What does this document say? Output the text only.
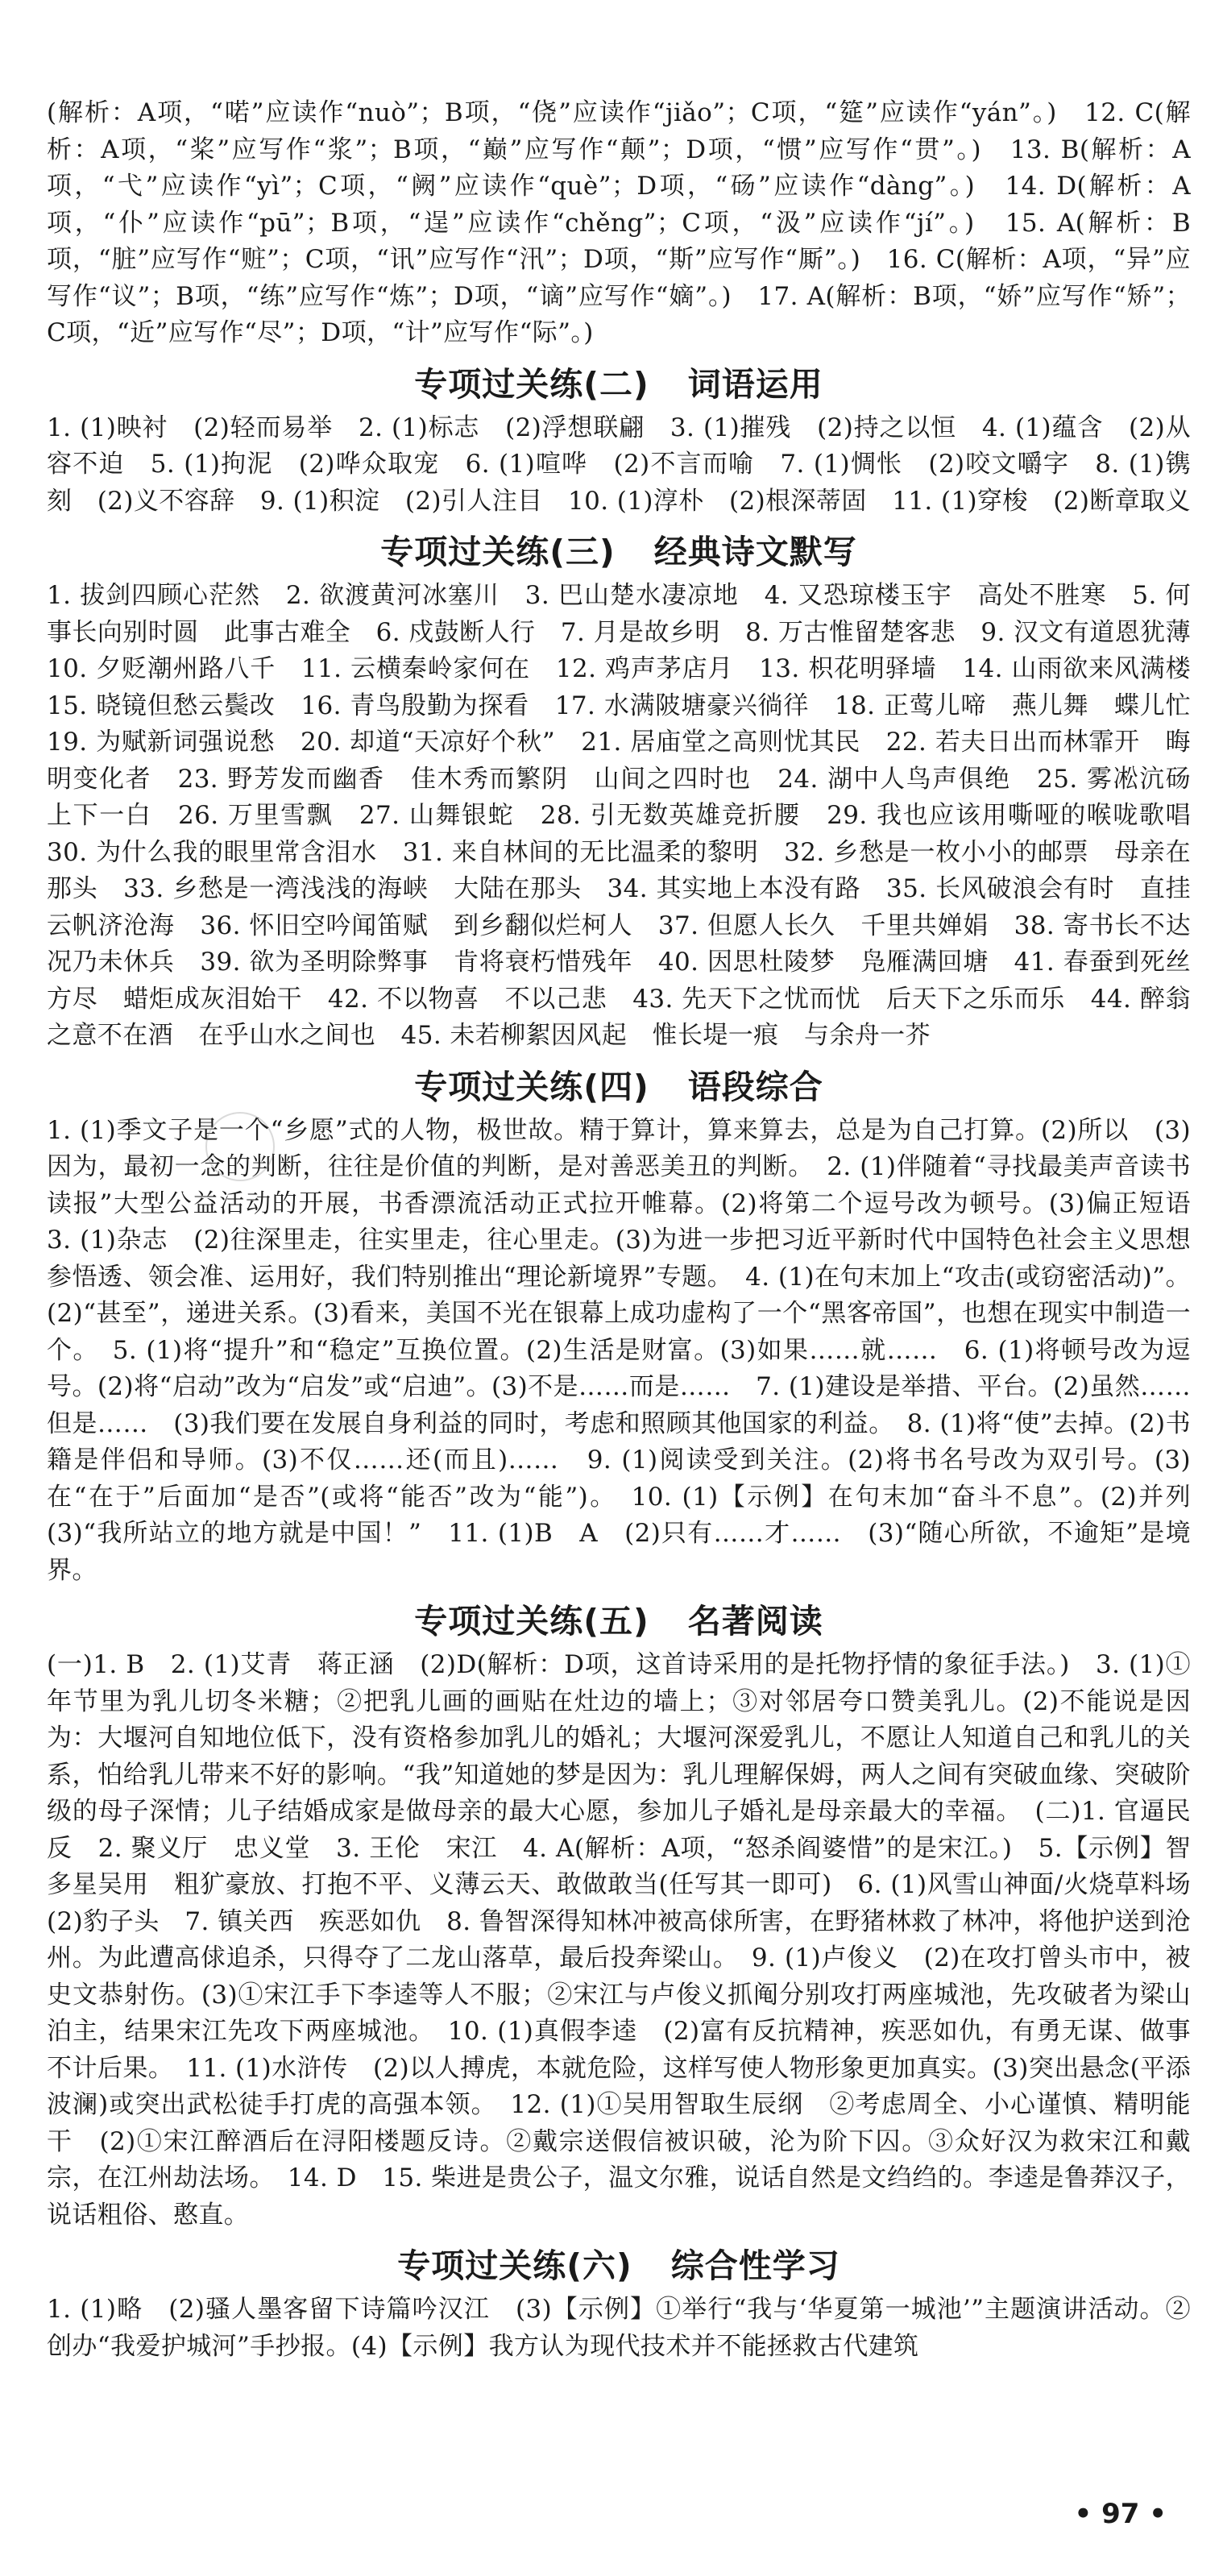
(解析：A项，“喏”应读作“nuò”；B项，“侥”应读作“jiǎo”；C项，“筵”应读作“yán”。)　12. C(解析：A项，“桨”应写作“浆”；B项，“巅”应写作“颠”；D项，“惯”应写作“贯”。)　13. B(解析：A项，“弋”应读作“yì”；C项，“阙”应读作“què”；D项，“砀”应读作“dàng”。)　14. D(解析：A项，“仆”应读作“pū”；B项，“逞”应读作“chěng”；C项，“汲”应读作“jí”。)　15. A(解析：B项，“脏”应写作“赃”；C项，“讯”应写作“汛”；D项，“斯”应写作“厮”。)　16. C(解析：A项，“异”应写作“议”；B项，“练”应写作“炼”；D项，“谪”应写作“嫡”。)　17. A(解析：B项，“娇”应写作“矫”；C项，“近”应写作“尽”；D项，“计”应写作“际”。)

专项过关练(二) 词语运用

1. (1)映衬　(2)轻而易举　2. (1)标志　(2)浮想联翩　3. (1)摧残　(2)持之以恒　4. (1)蕴含　(2)从容不迫　5. (1)拘泥　(2)哗众取宠　6. (1)喧哗　(2)不言而喻　7. (1)惆怅　(2)咬文嚼字　8. (1)镌刻　(2)义不容辞　9. (1)积淀　(2)引人注目　10. (1)淳朴　(2)根深蒂固　11. (1)穿梭　(2)断章取义

专项过关练(三) 经典诗文默写

1. 拔剑四顾心茫然　2. 欲渡黄河冰塞川　3. 巴山楚水凄凉地　4. 又恐琼楼玉宇　高处不胜寒　5. 何事长向别时圆　此事古难全　6. 戍鼓断人行　7. 月是故乡明　8. 万古惟留楚客悲　9. 汉文有道恩犹薄　10. 夕贬潮州路八千　11. 云横秦岭家何在　12. 鸡声茅店月　13. 枳花明驿墙　14. 山雨欲来风满楼　15. 晓镜但愁云鬓改　16. 青鸟殷勤为探看　17. 水满陂塘豪兴徜徉　18. 正莺儿啼　燕儿舞　蝶儿忙　19. 为赋新词强说愁　20. 却道“天凉好个秋”　21. 居庙堂之高则忧其民　22. 若夫日出而林霏开　晦明变化者　23. 野芳发而幽香　佳木秀而繁阴　山间之四时也　24. 湖中人鸟声俱绝　25. 雾凇沆砀　上下一白　26. 万里雪飘　27. 山舞银蛇　28. 引无数英雄竞折腰　29. 我也应该用嘶哑的喉咙歌唱　30. 为什么我的眼里常含泪水　31. 来自林间的无比温柔的黎明　32. 乡愁是一枚小小的邮票　母亲在那头　33. 乡愁是一湾浅浅的海峡　大陆在那头　34. 其实地上本没有路　35. 长风破浪会有时　直挂云帆济沧海　36. 怀旧空吟闻笛赋　到乡翻似烂柯人　37. 但愿人长久　千里共婵娟　38. 寄书长不达　况乃未休兵　39. 欲为圣明除弊事　肯将衰朽惜残年　40. 因思杜陵梦　凫雁满回塘　41. 春蚕到死丝方尽　蜡炬成灰泪始干　42. 不以物喜　不以己悲　43. 先天下之忧而忧　后天下之乐而乐　44. 醉翁之意不在酒　在乎山水之间也　45. 未若柳絮因风起　惟长堤一痕　与余舟一芥

专项过关练(四) 语段综合

1. (1)季文子是一个“乡愿”式的人物，极世故。精于算计，算来算去，总是为自己打算。(2)所以　(3)因为，最初一念的判断，往往是价值的判断，是对善恶美丑的判断。　2. (1)伴随着“寻找最美声音读书读报”大型公益活动的开展，书香漂流活动正式拉开帷幕。(2)将第二个逗号改为顿号。(3)偏正短语　3. (1)杂志　(2)往深里走，往实里走，往心里走。(3)为进一步把习近平新时代中国特色社会主义思想参悟透、领会准、运用好，我们特别推出“理论新境界”专题。　4. (1)在句末加上“攻击(或窃密活动)”。(2)“甚至”，递进关系。(3)看来，美国不光在银幕上成功虚构了一个“黑客帝国”，也想在现实中制造一个。　5. (1)将“提升”和“稳定”互换位置。(2)生活是财富。(3)如果……就……　6. (1)将顿号改为逗号。(2)将“启动”改为“启发”或“启迪”。(3)不是……而是……　7. (1)建设是举措、平台。(2)虽然……但是……　(3)我们要在发展自身利益的同时，考虑和照顾其他国家的利益。　8. (1)将“使”去掉。(2)书籍是伴侣和导师。(3)不仅……还(而且)……　9. (1)阅读受到关注。(2)将书名号改为双引号。(3)在“在于”后面加“是否”(或将“能否”改为“能”)。　10. (1)【示例】在句末加“奋斗不息”。(2)并列　(3)“我所站立的地方就是中国！”　11. (1)B　A　(2)只有……才……　(3)“随心所欲，不逾矩”是境界。

专项过关练(五) 名著阅读

(一)1. B　2. (1)艾青　蒋正涵　(2)D(解析：D项，这首诗采用的是托物抒情的象征手法。)　3. (1)①年节里为乳儿切冬米糖；②把乳儿画的画贴在灶边的墙上；③对邻居夸口赞美乳儿。(2)不能说是因为：大堰河自知地位低下，没有资格参加乳儿的婚礼；大堰河深爱乳儿，不愿让人知道自己和乳儿的关系，怕给乳儿带来不好的影响。“我”知道她的梦是因为：乳儿理解保姆，两人之间有突破血缘、突破阶级的母子深情；儿子结婚成家是做母亲的最大心愿，参加儿子婚礼是母亲最大的幸福。　(二)1. 官逼民反　2. 聚义厅　忠义堂　3. 王伦　宋江　4. A(解析：A项，“怒杀阎婆惜”的是宋江。)　5.【示例】智多星吴用　粗犷豪放、打抱不平、义薄云天、敢做敢当(任写其一即可)　6. (1)风雪山神面/火烧草料场　(2)豹子头　7. 镇关西　疾恶如仇　8. 鲁智深得知林冲被高俅所害，在野猪林救了林冲，将他护送到沧州。为此遭高俅追杀，只得夺了二龙山落草，最后投奔梁山。　9. (1)卢俊义　(2)在攻打曾头市中，被史文恭射伤。(3)①宋江手下李逵等人不服；②宋江与卢俊义抓阄分别攻打两座城池，先攻破者为梁山泊主，结果宋江先攻下两座城池。　10. (1)真假李逵　(2)富有反抗精神，疾恶如仇，有勇无谋、做事不计后果。　11. (1)水浒传　(2)以人搏虎，本就危险，这样写使人物形象更加真实。(3)突出悬念(平添波澜)或突出武松徒手打虎的高强本领。　12. (1)①吴用智取生辰纲　②考虑周全、小心谨慎、精明能干　(2)①宋江醉酒后在浔阳楼题反诗。②戴宗送假信被识破，沦为阶下囚。③众好汉为救宋江和戴宗，在江州劫法场。　14. D　15. 柴进是贵公子，温文尔雅，说话自然是文绉绉的。李逵是鲁莽汉子，说话粗俗、憨直。

专项过关练(六) 综合性学习

1. (1)略　(2)骚人墨客留下诗篇吟汉江　(3)【示例】①举行“我与‘华夏第一城池’”主题演讲活动。②创办“我爱护城河”手抄报。(4)【示例】我方认为现代技术并不能拯救古代建筑

• 97 •
